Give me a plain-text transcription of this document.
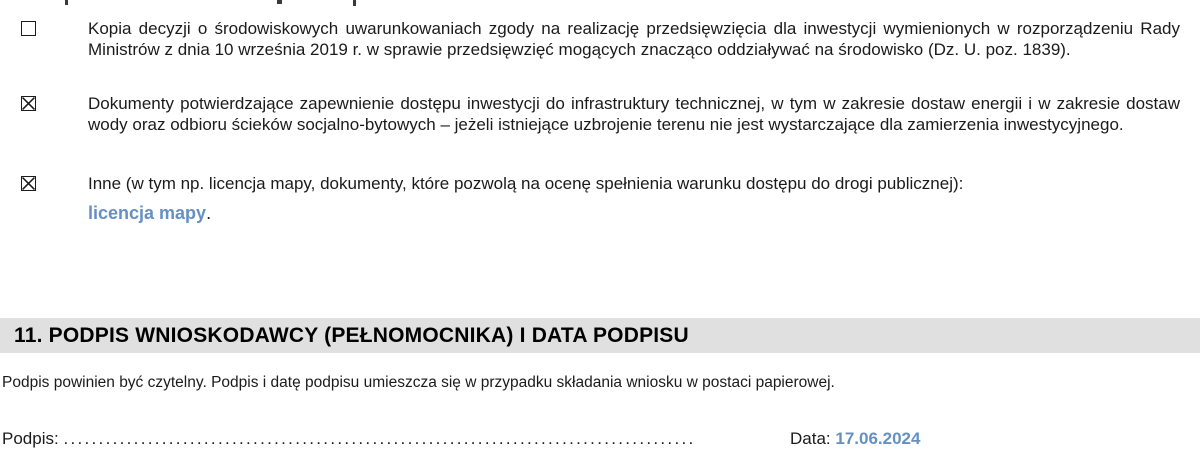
Kopia decyzji o środowiskowych uwarunkowaniach zgody na realizację przedsięwzięcia dla inwestycji wymienionych w rozporządzeniu Rady Ministrów z dnia 10 września 2019 r. w sprawie przedsięwzięć mogących znacząco oddziaływać na środowisko (Dz. U. poz. 1839).
Dokumenty potwierdzające zapewnienie dostępu inwestycji do infrastruktury technicznej, w tym w zakresie dostaw energii i w zakresie dostaw wody oraz odbioru ścieków socjalno-bytowych – jeżeli istniejące uzbrojenie terenu nie jest wystarczające dla zamierzenia inwestycyjnego.
Inne (w tym np. licencja mapy, dokumenty, które pozwolą na ocenę spełnienia warunku dostępu do drogi publicznej):
licencja mapy.
11. PODPIS WNIOSKODAWCY (PEŁNOMOCNIKA) I DATA PODPISU
Podpis powinien być czytelny. Podpis i datę podpisu umieszcza się w przypadku składania wniosku w postaci papierowej.
Podpis: ..........................................................................................	Data: 17.06.2024
